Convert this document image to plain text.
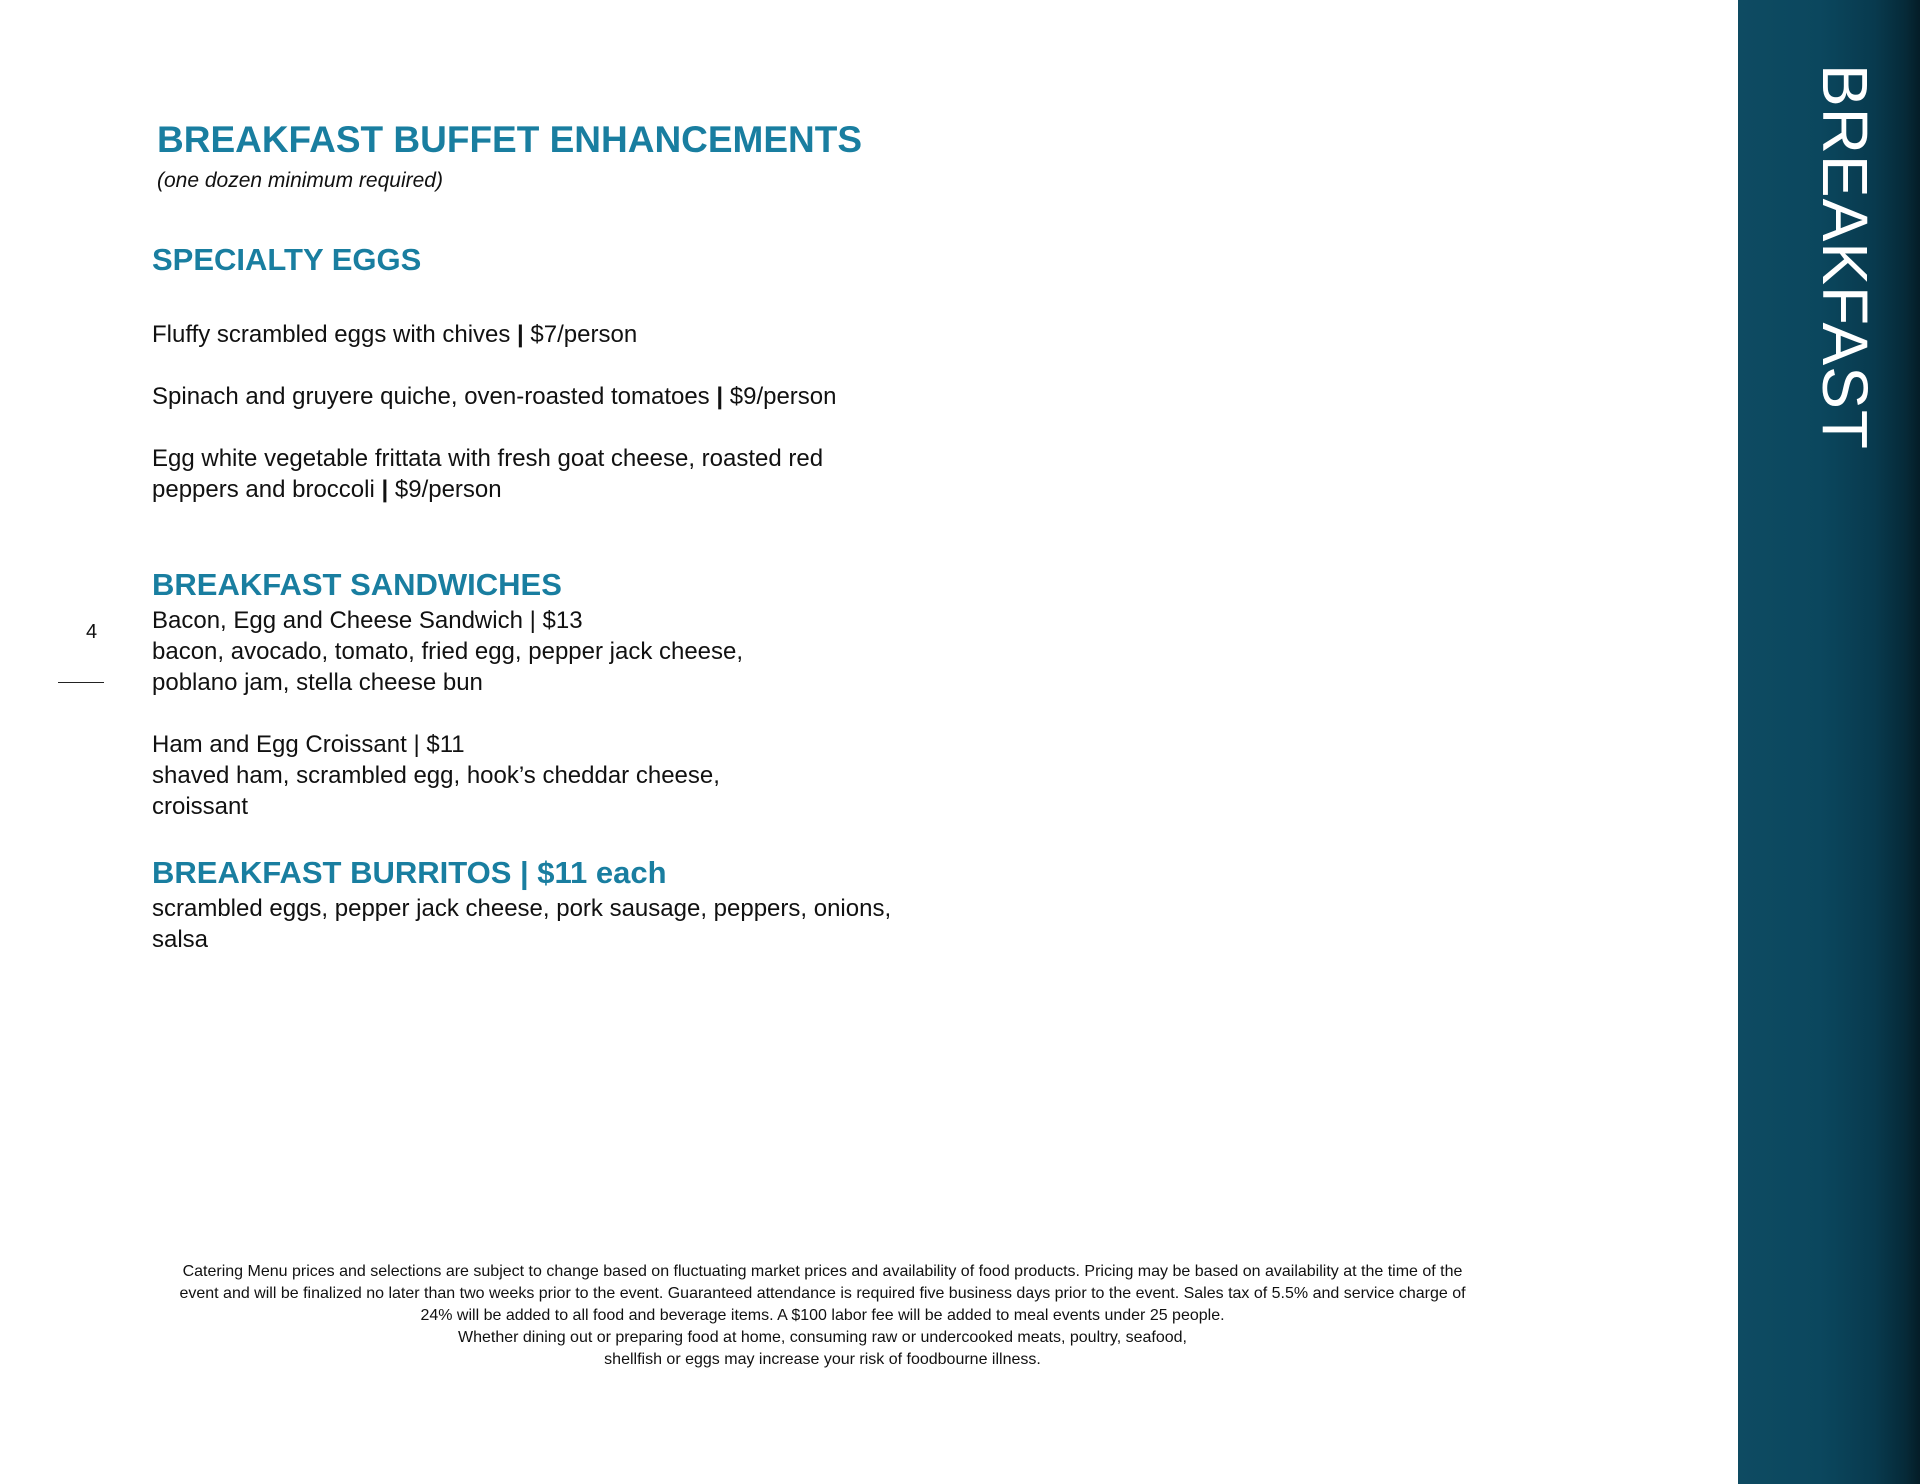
BREAKFAST
4
BREAKFAST BUFFET ENHANCEMENTS
(one dozen minimum required)
SPECIALTY EGGS
Fluffy scrambled eggs with chives | $7/person
Spinach and gruyere quiche, oven-roasted tomatoes | $9/person
Egg white vegetable frittata with fresh goat cheese, roasted red
peppers and broccoli | $9/person
BREAKFAST SANDWICHES
Bacon, Egg and Cheese Sandwich | $13
bacon, avocado, tomato, fried egg, pepper jack cheese,
poblano jam, stella cheese bun
Ham and Egg Croissant | $11
shaved ham, scrambled egg, hook’s cheddar cheese,
croissant
BREAKFAST BURRITOS | $11 each
scrambled eggs, pepper jack cheese, pork sausage, peppers, onions,
salsa
Catering Menu prices and selections are subject to change based on fluctuating market prices and availability of food products. Pricing may be based on availability at the time of the
event and will be finalized no later than two weeks prior to the event. Guaranteed attendance is required five business days prior to the event. Sales tax of 5.5% and service charge of
24% will be added to all food and beverage items. A $100 labor fee will be added to meal events under 25 people.
Whether dining out or preparing food at home, consuming raw or undercooked meats, poultry, seafood,
shellfish or eggs may increase your risk of foodbourne illness.
